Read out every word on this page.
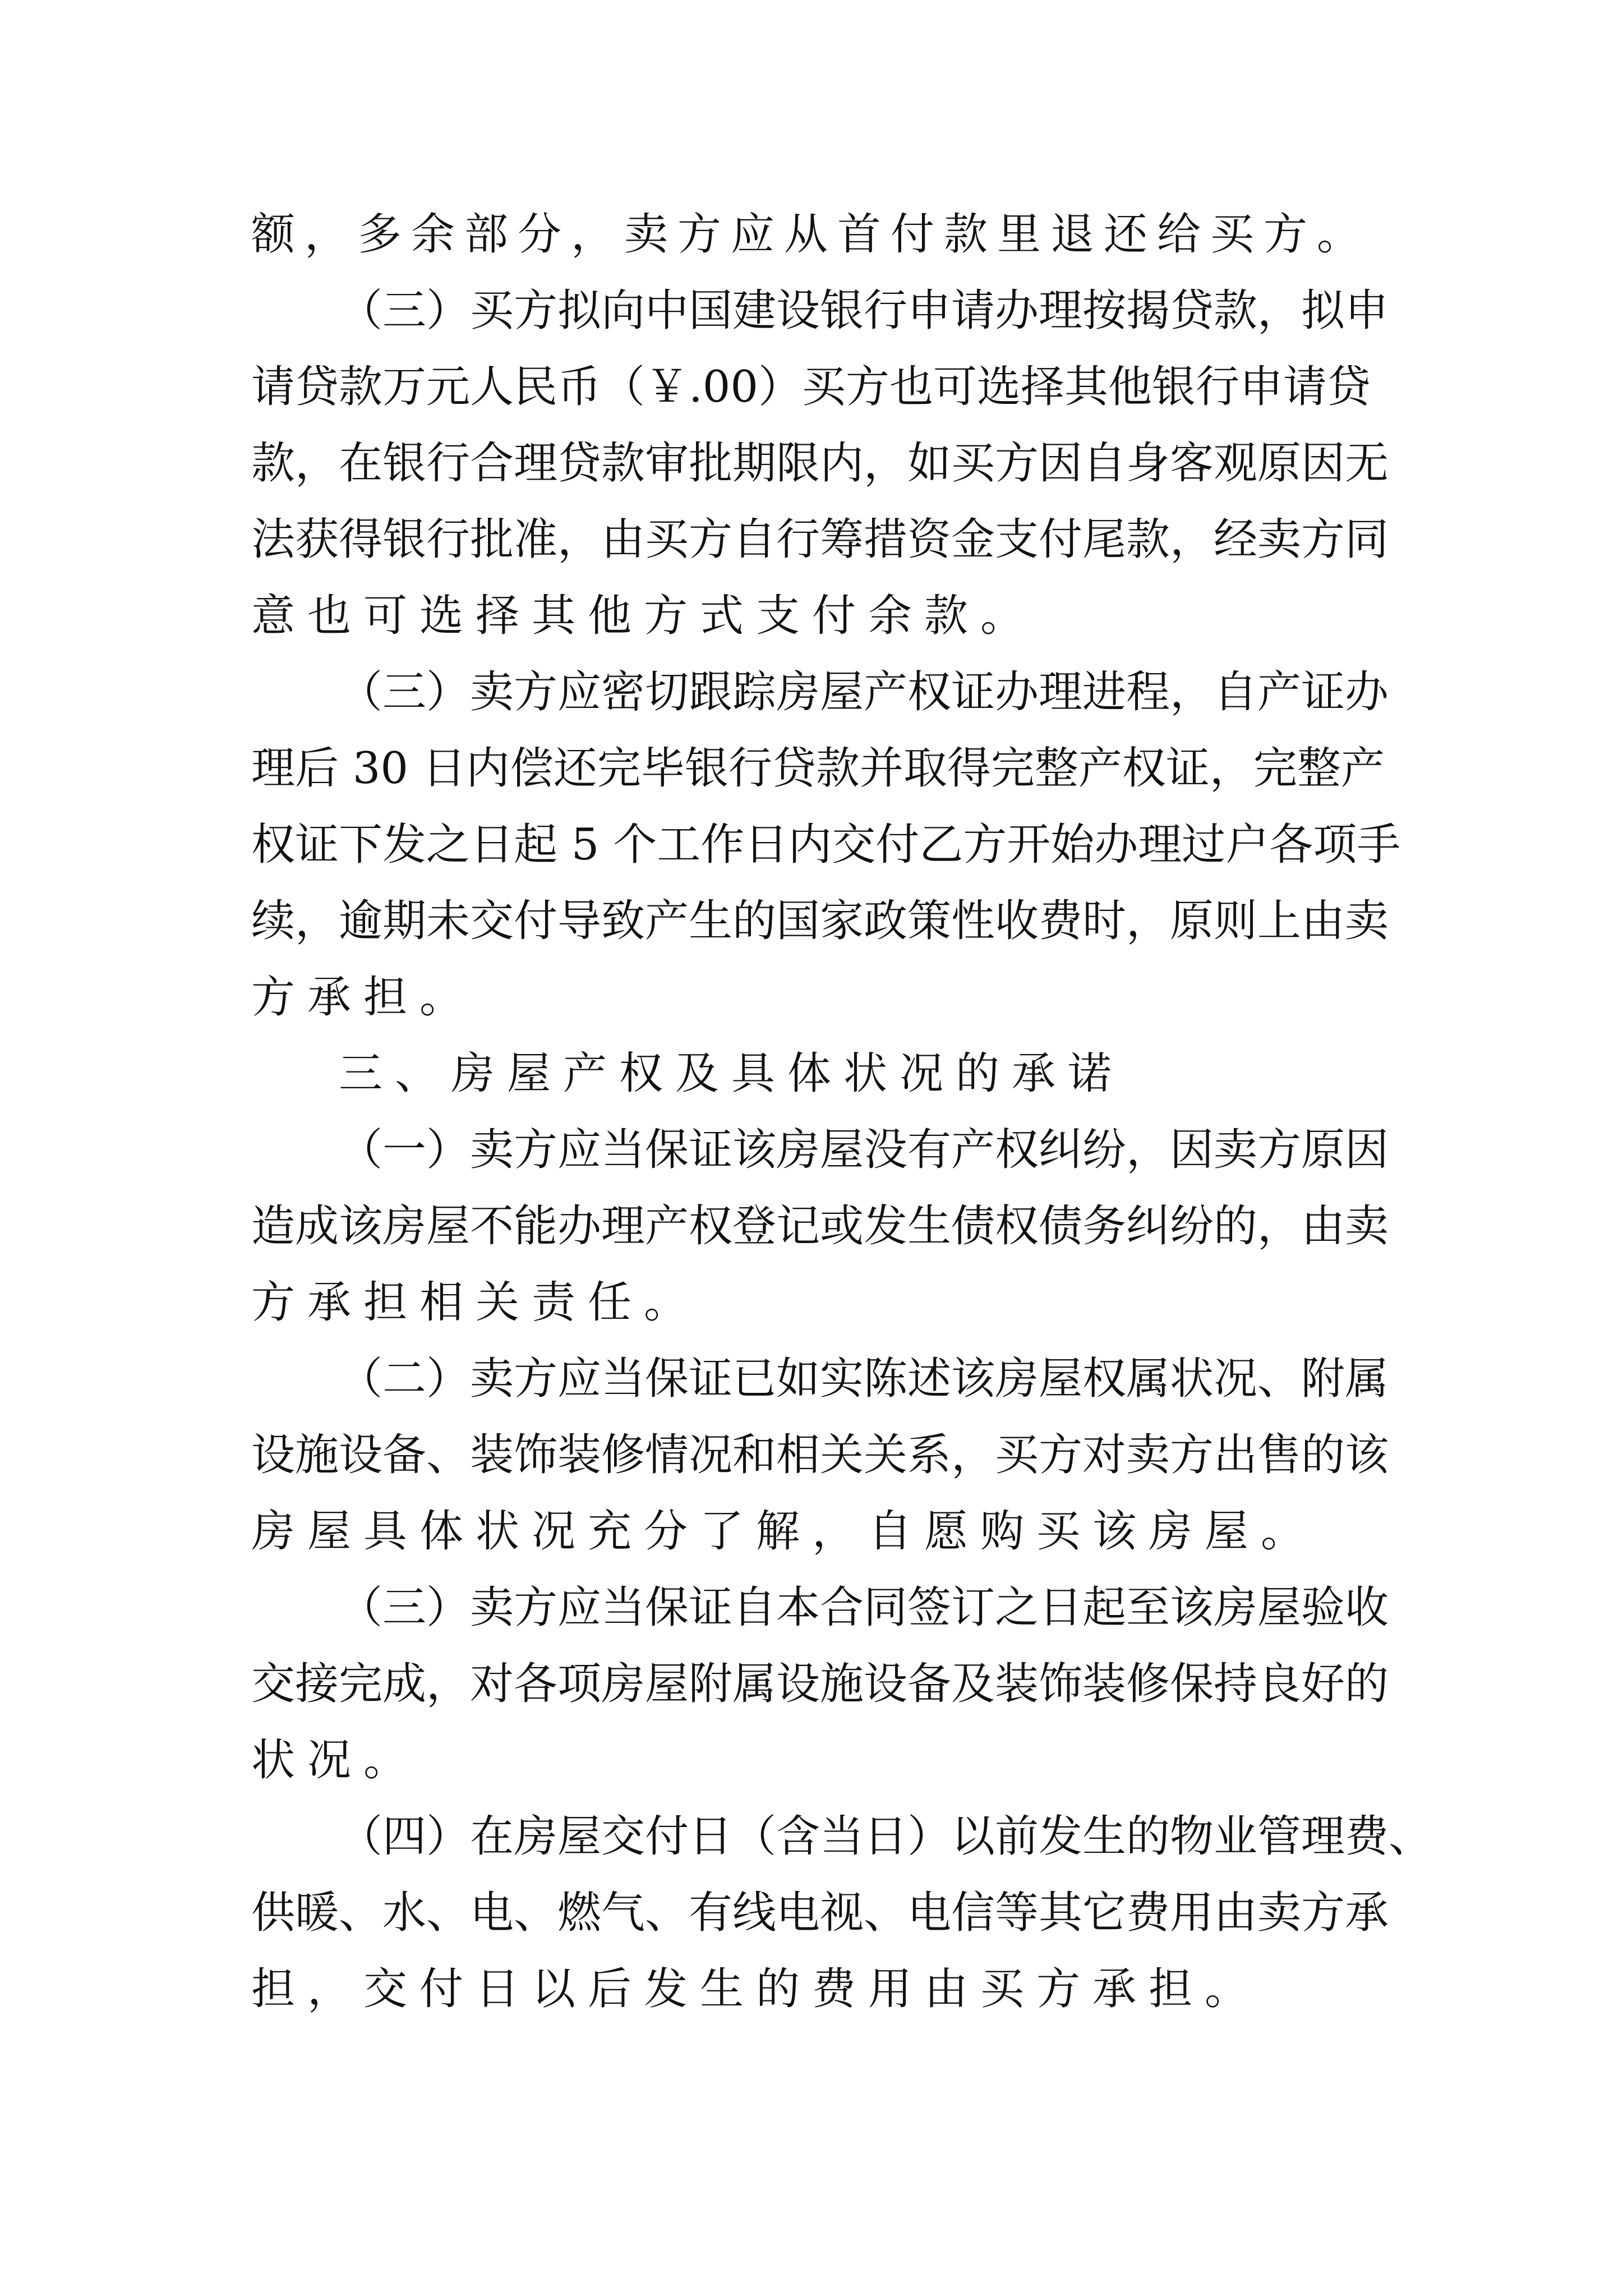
额，多余部分，卖方应从首付款里退还给买方。

（三）买方拟向中国建设银行申请办理按揭贷款，拟申
请贷款万元人民币（￥.00）买方也可选择其他银行申请贷
款，在银行合理贷款审批期限内，如买方因自身客观原因无
法获得银行批准，由买方自行筹措资金支付尾款，经卖方同
意也可选择其他方式支付余款。

（三）卖方应密切跟踪房屋产权证办理进程，自产证办
理后 30 日内偿还完毕银行贷款并取得完整产权证，完整产
权证下发之日起 5 个工作日内交付乙方开始办理过户各项手
续，逾期未交付导致产生的国家政策性收费时，原则上由卖
方承担。

三、房屋产权及具体状况的承诺

（一）卖方应当保证该房屋没有产权纠纷，因卖方原因
造成该房屋不能办理产权登记或发生债权债务纠纷的，由卖
方承担相关责任。

（二）卖方应当保证已如实陈述该房屋权属状况、附属
设施设备、装饰装修情况和相关关系，买方对卖方出售的该
房屋具体状况充分了解，自愿购买该房屋。

（三）卖方应当保证自本合同签订之日起至该房屋验收
交接完成，对各项房屋附属设施设备及装饰装修保持良好的
状况。

（四）在房屋交付日（含当日）以前发生的物业管理费、
供暖、水、电、燃气、有线电视、电信等其它费用由卖方承
担，交付日以后发生的费用由买方承担。
